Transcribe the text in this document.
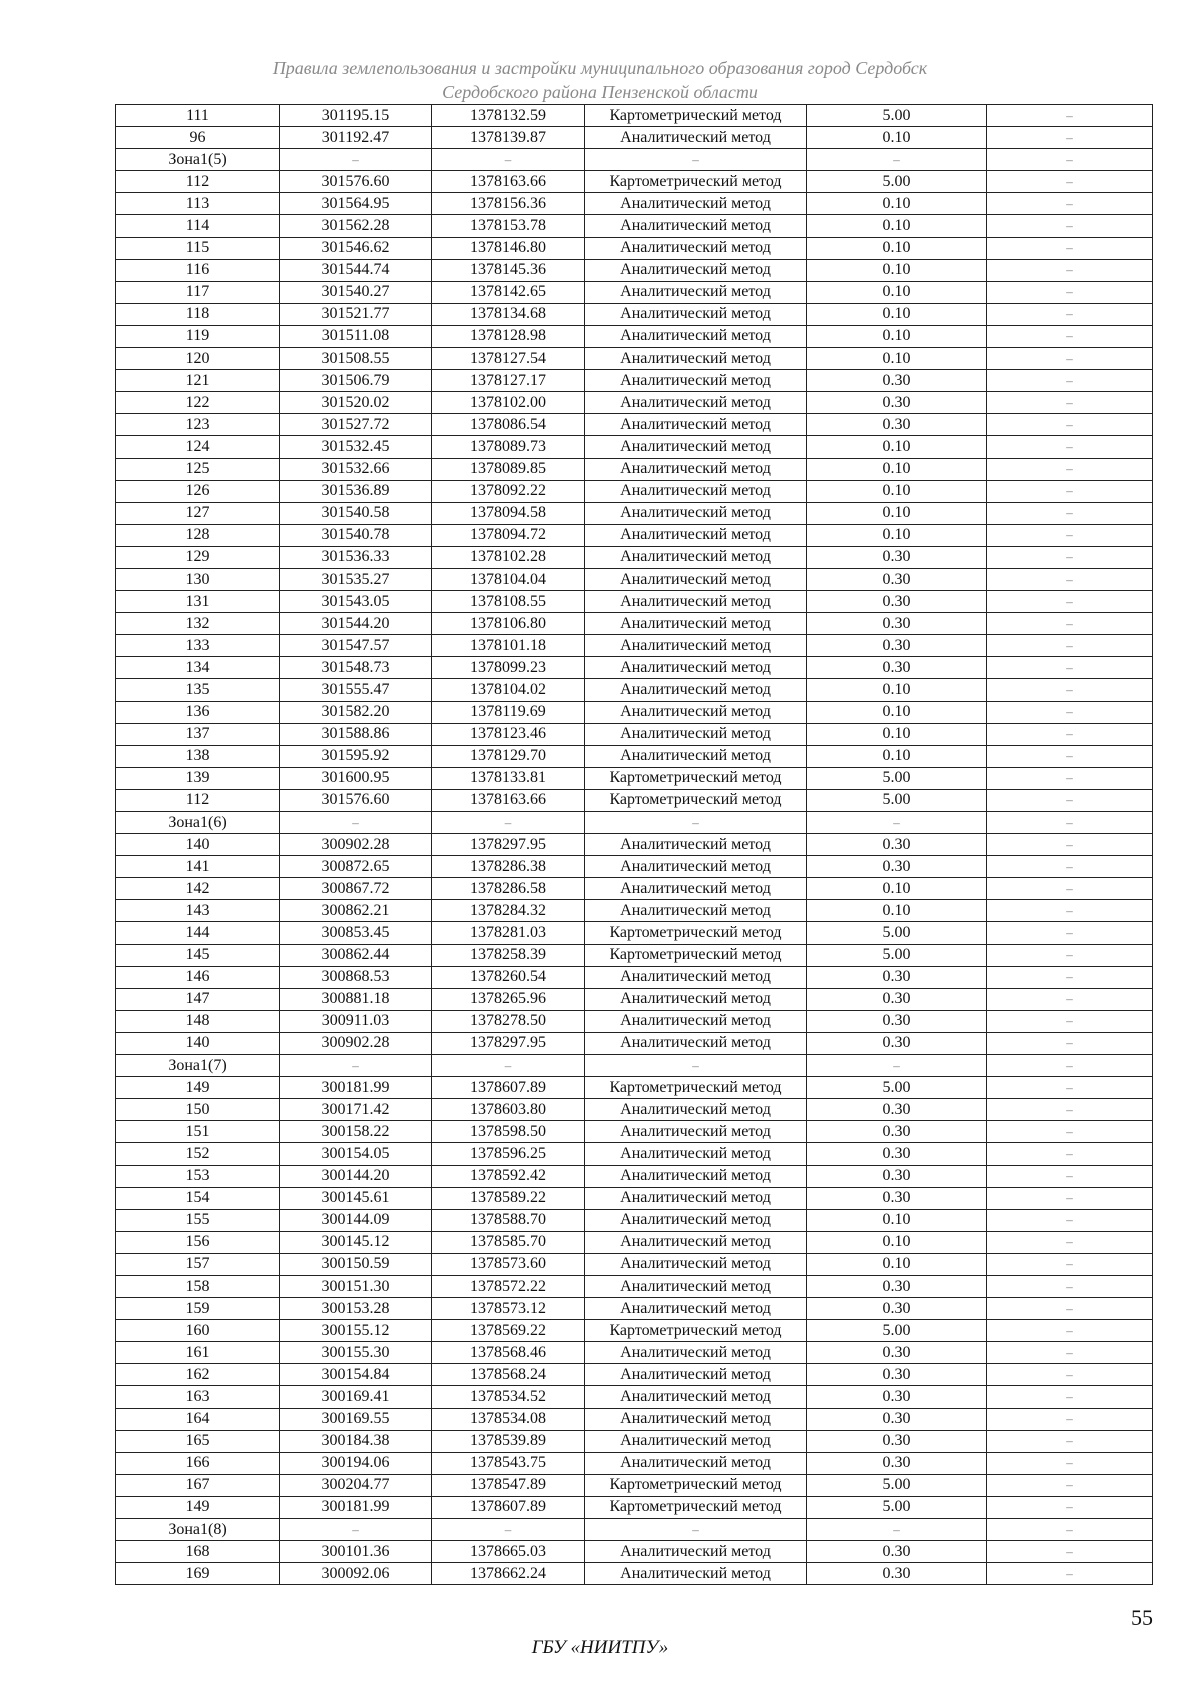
Правила землепользования и застройки муниципального образования город Сердобск
Сердобского района Пензенской области
111	301195.15	1378132.59	Картометрический метод	5.00	–
96	301192.47	1378139.87	Аналитический метод	0.10	–
Зона1(5)	–	–	–	–	–
112	301576.60	1378163.66	Картометрический метод	5.00	–
113	301564.95	1378156.36	Аналитический метод	0.10	–
114	301562.28	1378153.78	Аналитический метод	0.10	–
115	301546.62	1378146.80	Аналитический метод	0.10	–
116	301544.74	1378145.36	Аналитический метод	0.10	–
117	301540.27	1378142.65	Аналитический метод	0.10	–
118	301521.77	1378134.68	Аналитический метод	0.10	–
119	301511.08	1378128.98	Аналитический метод	0.10	–
120	301508.55	1378127.54	Аналитический метод	0.10	–
121	301506.79	1378127.17	Аналитический метод	0.30	–
122	301520.02	1378102.00	Аналитический метод	0.30	–
123	301527.72	1378086.54	Аналитический метод	0.30	–
124	301532.45	1378089.73	Аналитический метод	0.10	–
125	301532.66	1378089.85	Аналитический метод	0.10	–
126	301536.89	1378092.22	Аналитический метод	0.10	–
127	301540.58	1378094.58	Аналитический метод	0.10	–
128	301540.78	1378094.72	Аналитический метод	0.10	–
129	301536.33	1378102.28	Аналитический метод	0.30	–
130	301535.27	1378104.04	Аналитический метод	0.30	–
131	301543.05	1378108.55	Аналитический метод	0.30	–
132	301544.20	1378106.80	Аналитический метод	0.30	–
133	301547.57	1378101.18	Аналитический метод	0.30	–
134	301548.73	1378099.23	Аналитический метод	0.30	–
135	301555.47	1378104.02	Аналитический метод	0.10	–
136	301582.20	1378119.69	Аналитический метод	0.10	–
137	301588.86	1378123.46	Аналитический метод	0.10	–
138	301595.92	1378129.70	Аналитический метод	0.10	–
139	301600.95	1378133.81	Картометрический метод	5.00	–
112	301576.60	1378163.66	Картометрический метод	5.00	–
Зона1(6)	–	–	–	–	–
140	300902.28	1378297.95	Аналитический метод	0.30	–
141	300872.65	1378286.38	Аналитический метод	0.30	–
142	300867.72	1378286.58	Аналитический метод	0.10	–
143	300862.21	1378284.32	Аналитический метод	0.10	–
144	300853.45	1378281.03	Картометрический метод	5.00	–
145	300862.44	1378258.39	Картометрический метод	5.00	–
146	300868.53	1378260.54	Аналитический метод	0.30	–
147	300881.18	1378265.96	Аналитический метод	0.30	–
148	300911.03	1378278.50	Аналитический метод	0.30	–
140	300902.28	1378297.95	Аналитический метод	0.30	–
Зона1(7)	–	–	–	–	–
149	300181.99	1378607.89	Картометрический метод	5.00	–
150	300171.42	1378603.80	Аналитический метод	0.30	–
151	300158.22	1378598.50	Аналитический метод	0.30	–
152	300154.05	1378596.25	Аналитический метод	0.30	–
153	300144.20	1378592.42	Аналитический метод	0.30	–
154	300145.61	1378589.22	Аналитический метод	0.30	–
155	300144.09	1378588.70	Аналитический метод	0.10	–
156	300145.12	1378585.70	Аналитический метод	0.10	–
157	300150.59	1378573.60	Аналитический метод	0.10	–
158	300151.30	1378572.22	Аналитический метод	0.30	–
159	300153.28	1378573.12	Аналитический метод	0.30	–
160	300155.12	1378569.22	Картометрический метод	5.00	–
161	300155.30	1378568.46	Аналитический метод	0.30	–
162	300154.84	1378568.24	Аналитический метод	0.30	–
163	300169.41	1378534.52	Аналитический метод	0.30	–
164	300169.55	1378534.08	Аналитический метод	0.30	–
165	300184.38	1378539.89	Аналитический метод	0.30	–
166	300194.06	1378543.75	Аналитический метод	0.30	–
167	300204.77	1378547.89	Картометрический метод	5.00	–
149	300181.99	1378607.89	Картометрический метод	5.00	–
Зона1(8)	–	–	–	–	–
168	300101.36	1378665.03	Аналитический метод	0.30	–
169	300092.06	1378662.24	Аналитический метод	0.30	–
55
ГБУ «НИИТПУ»
